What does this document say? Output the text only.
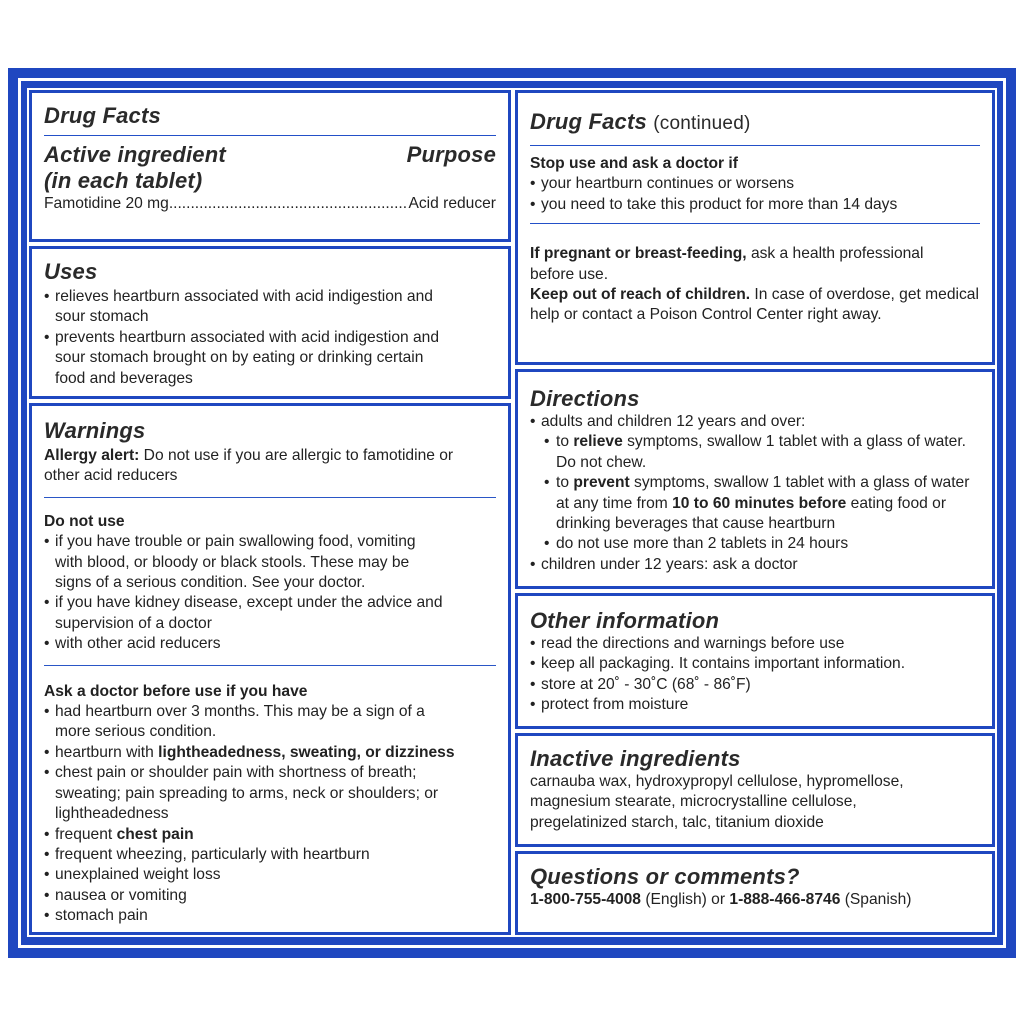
Drug Facts
Active ingredient
(in each tablet)
Purpose
Famotidine 20 mg
.....	Acid reducer
Uses
• relieves heartburn associated with acid indigestion and sour stomach
• prevents heartburn associated with acid indigestion and sour stomach brought on by eating or drinking certain food and beverages
Warnings

Allergy alert: Do not use if you are allergic to famotidine or other acid reducers

Do not use

• if you have trouble or pain swallowing food, vomiting with blood, or bloody or black stools. These may be signs of a serious condition. See your doctor.
• if you have kidney disease, except under the advice and supervision of a doctor
• with other acid reducers

Ask a doctor before use if you have

• had heartburn over 3 months. This may be a sign of a more serious condition.
• heartburn with lightheadedness, sweating, or dizziness
• chest pain or shoulder pain with shortness of breath; sweating; pain spreading to arms, neck or shoulders; or lightheadedness
• frequent chest pain
• frequent wheezing, particularly with heartburn
• unexplained weight loss
• nausea or vomiting
• stomach pain
Drug Facts (continued)

Stop use and ask a doctor if

• your heartburn continues or worsens
• you need to take this product for more than 14 days

If pregnant or breast-feeding, ask a health professional before use.

Keep out of reach of children. In case of overdose, get medical help or contact a Poison Control Center right away.

Directions
• adults and children 12 years and over:
• to relieve symptoms, swallow 1 tablet with a glass of water. Do not chew.
• to prevent symptoms, swallow 1 tablet with a glass of water at any time from 10 to 60 minutes before eating food or drinking beverages that cause heartburn
• do not use more than 2 tablets in 24 hours
• children under 12 years: ask a doctor
Other information
• read the directions and warnings before use
• keep all packaging. It contains important information.
• store at 20˚ - 30˚C (68˚ - 86˚F)
• protect from moisture
Inactive ingredients

carnauba wax, hydroxypropyl cellulose, hypromellose, magnesium stearate, microcrystalline cellulose, pregelatinized starch, talc, titanium dioxide

Questions or comments?

1-800-755-4008 (English) or 1-888-466-8746 (Spanish)
